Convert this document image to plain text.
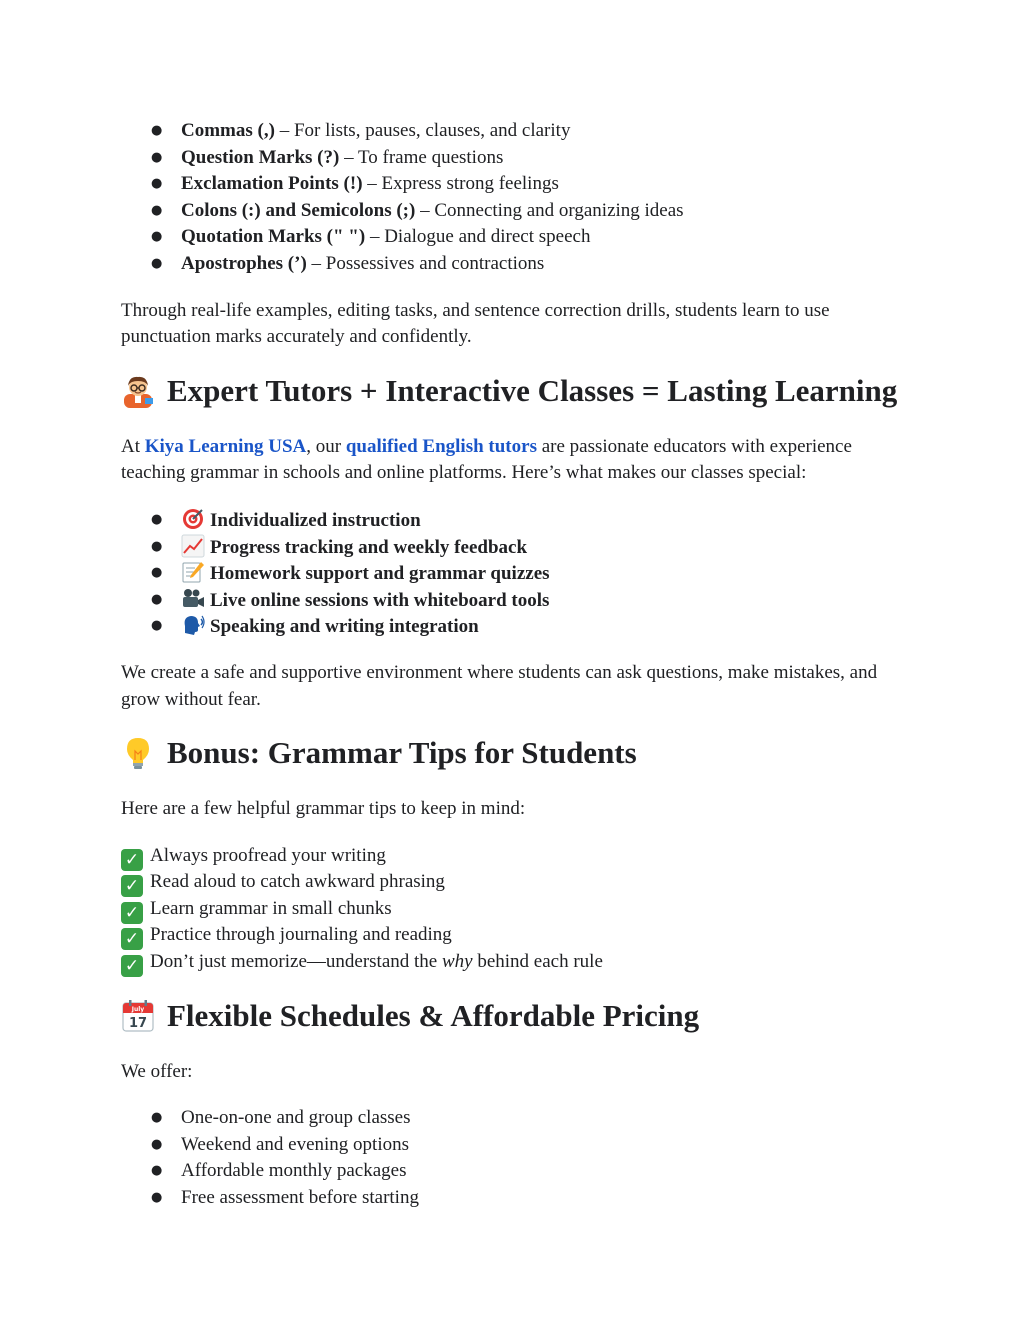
● Commas (,) – For lists, pauses, clauses, and clarity
● Question Marks (?) – To frame questions
● Exclamation Points (!) – Express strong feelings
● Colons (:) and Semicolons (;) – Connecting and organizing ideas
● Quotation Marks (" ") – Dialogue and direct speech
● Apostrophes (’) – Possessives and contractions

Through real-life examples, editing tasks, and sentence correction drills, students learn to use punctuation marks accurately and confidently.

Expert Tutors + Interactive Classes = Lasting Learning

At Kiya Learning USA, our qualified English tutors are passionate educators with experience teaching grammar in schools and online platforms. Here’s what makes our classes special:

●	Individualized instruction
●	Progress tracking and weekly feedback
●	Homework support and grammar quizzes
●	Live online sessions with whiteboard tools
●	Speaking and writing integration

We create a safe and supportive environment where students can ask questions, make mistakes, and grow without fear.

Bonus: Grammar Tips for Students

Here are a few helpful grammar tips to keep in mind:

✓ Always proofread your writing
✓ Read aloud to catch awkward phrasing
✓ Learn grammar in small chunks
✓ Practice through journaling and reading
✓ Don’t just memorize—understand the why behind each rule
July
17 Flexible Schedules & Affordable Pricing

We offer:

● One-on-one and group classes
● Weekend and evening options
● Affordable monthly packages
● Free assessment before starting
